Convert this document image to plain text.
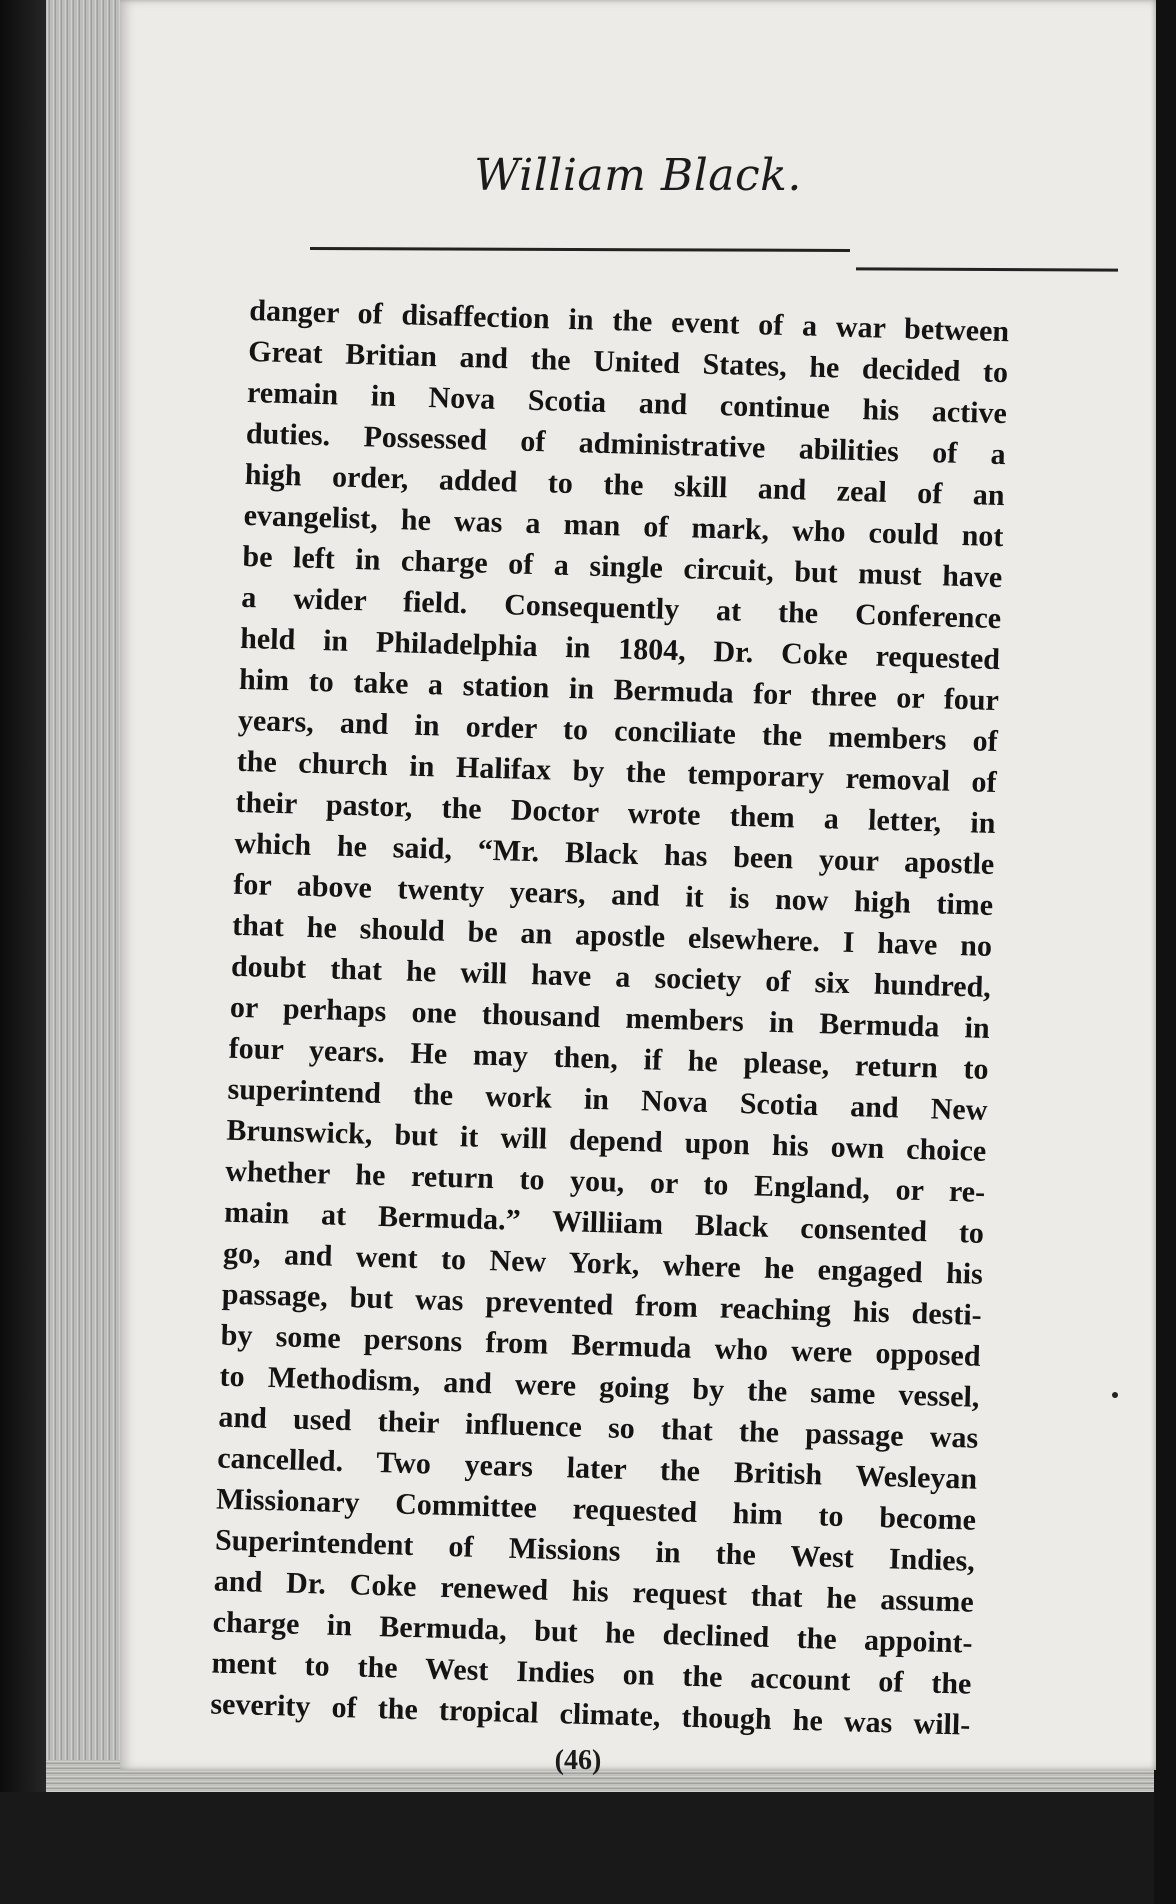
William Black.
danger of disaffection in the event of a war between
Great Britian and the United States, he decided to
remain in Nova Scotia and continue his active
duties. Possessed of administrative abilities of a
high order, added to the skill and zeal of an
evangelist, he was a man of mark, who could not
be left in charge of a single circuit, but must have
a wider field. Consequently at the Conference
held in Philadelphia in 1804, Dr. Coke requested
him to take a station in Bermuda for three or four
years, and in order to conciliate the members of
the church in Halifax by the temporary removal of
their pastor, the Doctor wrote them a letter, in
which he said, “Mr. Black has been your apostle
for above twenty years, and it is now high time
that he should be an apostle elsewhere. I have no
doubt that he will have a society of six hundred,
or perhaps one thousand members in Bermuda in
four years. He may then, if he please, return to
superintend the work in Nova Scotia and New
Brunswick, but it will depend upon his own choice
whether he return to you, or to England, or re-
main at Bermuda.” Williiam Black consented to
go, and went to New York, where he engaged his
passage, but was prevented from reaching his desti-
by some persons from Bermuda who were opposed
to Methodism, and were going by the same vessel,
and used their influence so that the passage was
cancelled. Two years later the British Wesleyan
Missionary Committee requested him to become
Superintendent of Missions in the West Indies,
and Dr. Coke renewed his request that he assume
charge in Bermuda, but he declined the appoint-
ment to the West Indies on the account of the
severity of the tropical climate, though he was will-
(46)
